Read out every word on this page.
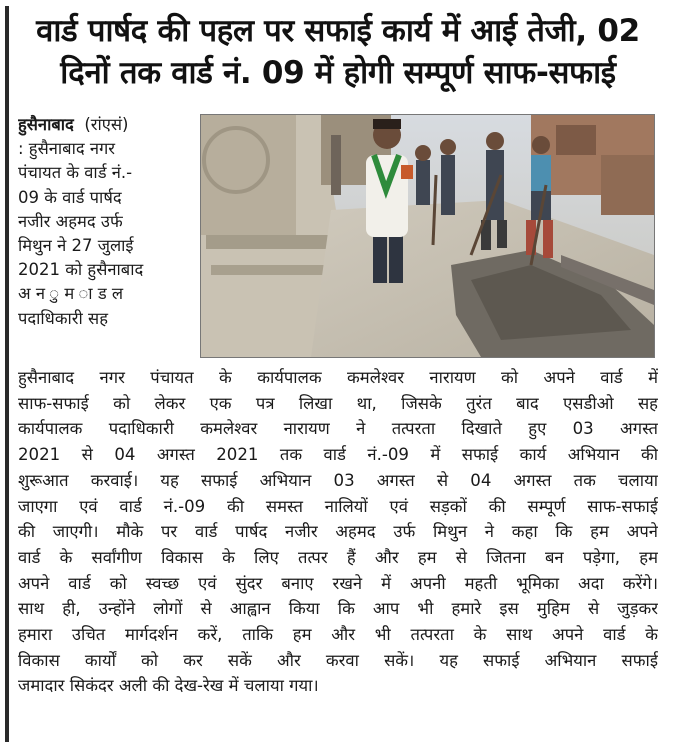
वार्ड पार्षद की पहल पर सफाई कार्य में आई तेजी, 02
दिनों तक वार्ड नं. 09 में होगी सम्पूर्ण साफ-सफाई
हुसैनाबाद (रांएसं)
: हुसैनाबाद नगर
पंचायत के वार्ड नं.-
09 के वार्ड पार्षद
नजीर अहमद उर्फ
मिथुन ने 27 जुलाई
2021 को हुसैनाबाद
अ न ु म ा ड ल
पदाधिकारी सह
हुसैनाबाद नगर पंचायत के कार्यपालक कमलेश्वर नारायण को अपने वार्ड में
साफ-सफाई को लेकर एक पत्र लिखा था, जिसके तुरंत बाद एसडीओ सह
कार्यपालक पदाधिकारी कमलेश्वर नारायण ने तत्परता दिखाते हुए 03 अगस्त
2021 से 04 अगस्त 2021 तक वार्ड नं.-09 में सफाई कार्य अभियान की
शुरूआत करवाई। यह सफाई अभियान 03 अगस्त से 04 अगस्त तक चलाया
जाएगा एवं वार्ड नं.-09 की समस्त नालियों एवं सड़कों की सम्पूर्ण साफ-सफाई
की जाएगी। मौके पर वार्ड पार्षद नजीर अहमद उर्फ मिथुन ने कहा कि हम अपने
वार्ड के सर्वांगीण विकास के लिए तत्पर हैं और हम से जितना बन पड़ेगा, हम
अपने वार्ड को स्वच्छ एवं सुंदर बनाए रखने में अपनी महती भूमिका अदा करेंगे।
साथ ही, उन्होंने लोगों से आह्वान किया कि आप भी हमारे इस मुहिम से जुड़कर
हमारा उचित मार्गदर्शन करें, ताकि हम और भी तत्परता के साथ अपने वार्ड के
विकास कार्यों को कर सकें और करवा सकें। यह सफाई अभियान सफाई
जमादार सिकंदर अली की देख-रेख में चलाया गया।
